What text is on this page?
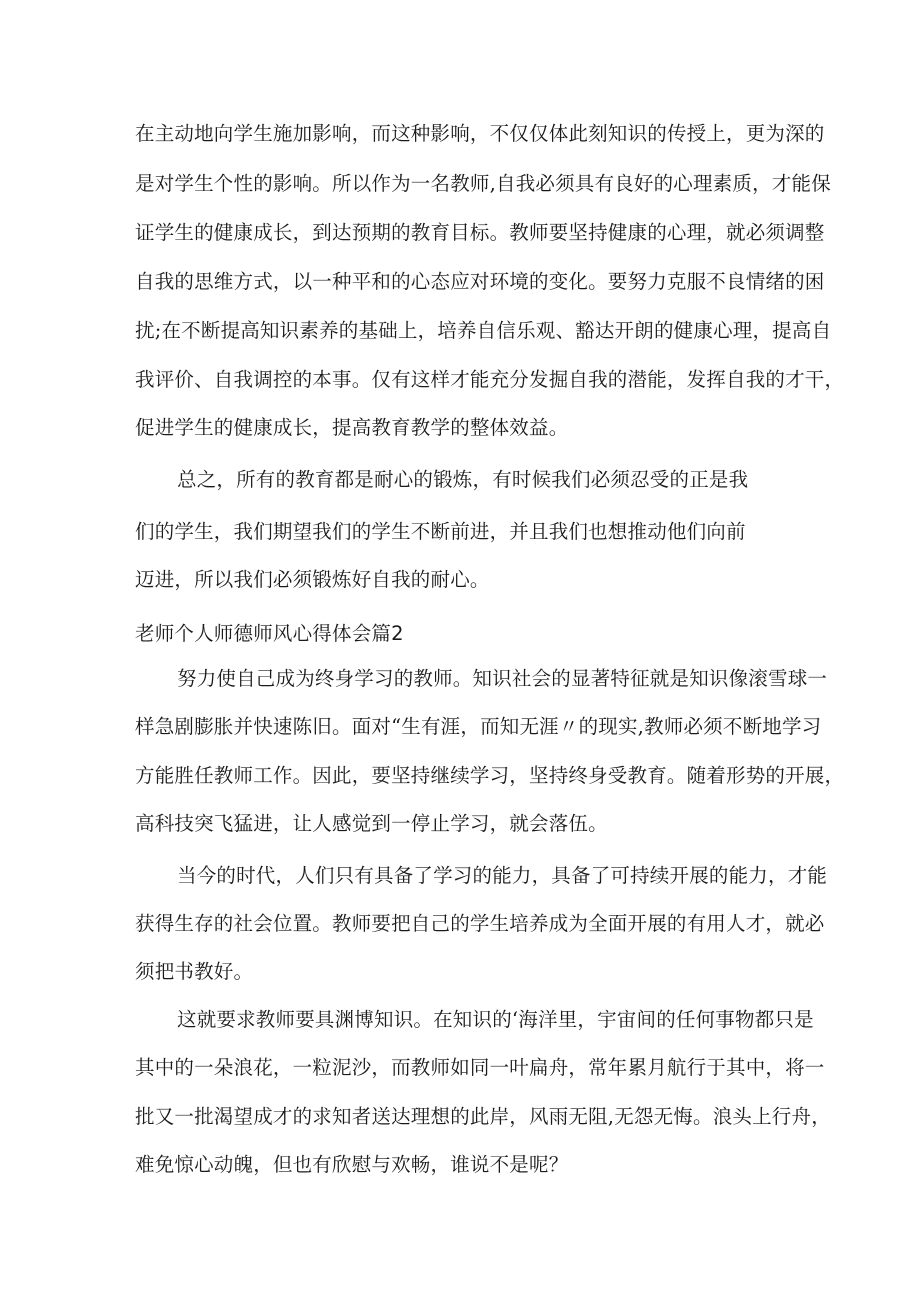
在主动地向学生施加影响，而这种影响，不仅仅体此刻知识的传授上，更为深的
是对学生个性的影响。所以作为一名教师,自我必须具有良好的心理素质，才能保
证学生的健康成长，到达预期的教育目标。教师要坚持健康的心理，就必须调整
自我的思维方式，以一种平和的心态应对环境的变化。要努力克服不良情绪的困
扰;在不断提高知识素养的基础上，培养自信乐观、豁达开朗的健康心理，提高自
我评价、自我调控的本事。仅有这样才能充分发掘自我的潜能，发挥自我的才干，
促进学生的健康成长，提高教育教学的整体效益。
总之，所有的教育都是耐心的锻炼，有时候我们必须忍受的正是我
们的学生，我们期望我们的学生不断前进，并且我们也想推动他们向前
迈进，所以我们必须锻炼好自我的耐心。
老师个人师德师风心得体会篇2
努力使自己成为终身学习的教师。知识社会的显著特征就是知识像滚雪球一
样急剧膨胀并快速陈旧。面对“生有涯，而知无涯〃的现实,教师必须不断地学习
方能胜任教师工作。因此，要坚持继续学习，坚持终身受教育。随着形势的开展，
高科技突飞猛进，让人感觉到一停止学习，就会落伍。
当今的时代，人们只有具备了学习的能力，具备了可持续开展的能力，才能
获得生存的社会位置。教师要把自己的学生培养成为全面开展的有用人才，就必
须把书教好。
这就要求教师要具渊博知识。在知识的‘海洋里，宇宙间的任何事物都只是
其中的一朵浪花，一粒泥沙，而教师如同一叶扁舟，常年累月航行于其中，将一
批又一批渴望成才的求知者送达理想的此岸，风雨无阻,无怨无悔。浪头上行舟，
难免惊心动魄，但也有欣慰与欢畅，谁说不是呢？
